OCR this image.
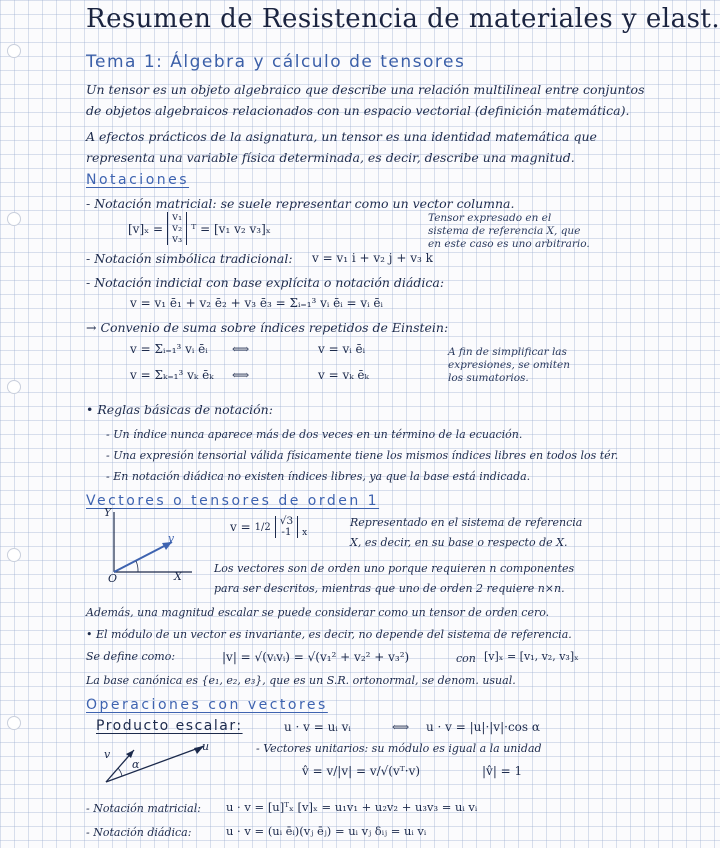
Resumen de Resistencia de materiales y elast.
Tema 1: Álgebra y cálculo de tensores
Un tensor es un objeto algebraico que describe una relación multilineal entre conjuntos
de objetos algebraicos relacionados con un espacio vectorial (definición matemática).
A efectos prácticos de la asignatura, un tensor es una identidad matemática que
representa una variable física determinada, es decir, describe una magnitud.
Notaciones
- Notación matricial: se suele representar como un vector columna.
[v]ₓ =
v₁
v₂
v₃
ᵀ = [v₁ v₂ v₃]ₓ
Tensor expresado en el sistema de referencia X, que en este caso es uno arbitrario.
- Notación simbólica tradicional: v = v₁ i + v₂ j + v₃ k
- Notación indicial con base explícita o notación diádica:
v = v₁ ē₁ + v₂ ē₂ + v₃ ē₃ = Σᵢ₌₁³ vᵢ ēᵢ = vᵢ ēᵢ
→ Convenio de suma sobre índices repetidos de Einstein:
v = Σᵢ₌₁³ vᵢ ēᵢ ⟺	v = vᵢ ēᵢ
v = Σₖ₌₁³ vₖ ēₖ ⟺	v = vₖ ēₖ
A fin de simplificar las expresiones, se omiten los sumatorios.
• Reglas básicas de notación:
- Un índice nunca aparece más de dos veces en un término de la ecuación.
- Una expresión tensorial válida físicamente tiene los mismos índices libres en todos los tér.
- En notación diádica no existen índices libres, ya que la base está indicada.
Vectores o tensores de orden 1
Y
X
O
v
v = 1/2 √3
-1	x
Representado en el sistema de referencia
X, es decir, en su base o respecto de X.
Los vectores son de orden uno porque requieren n componentes
para ser descritos, mientras que uno de orden 2 requiere n×n.
Además, una magnitud escalar se puede considerar como un tensor de orden cero.
• El módulo de un vector es invariante, es decir, no depende del sistema de referencia.
Se define como:	|v| = √(vᵢvᵢ) = √(v₁² + v₂² + v₃²)	con [v]ₓ = [v₁, v₂, v₃]ₓ
La base canónica es {e₁, e₂, e₃}, que es un S.R. ortonormal, se denom. usual.
Operaciones con vectores
Producto escalar:	u · v = uᵢ vᵢ	⟺ u · v = |u|·|v|·cos α
u
v
α
- Vectores unitarios: su módulo es igual a la unidad
v̂ = v/|v| = v/√(vᵀ·v)	|v̂| = 1
- Notación matricial: u · v = [u]ᵀₓ [v]ₓ = u₁v₁ + u₂v₂ + u₃v₃ = uᵢ vᵢ
- Notación diádica:	u · v = (uᵢ ēᵢ)(vⱼ ēⱼ) = uᵢ vⱼ δᵢⱼ = uᵢ vᵢ
